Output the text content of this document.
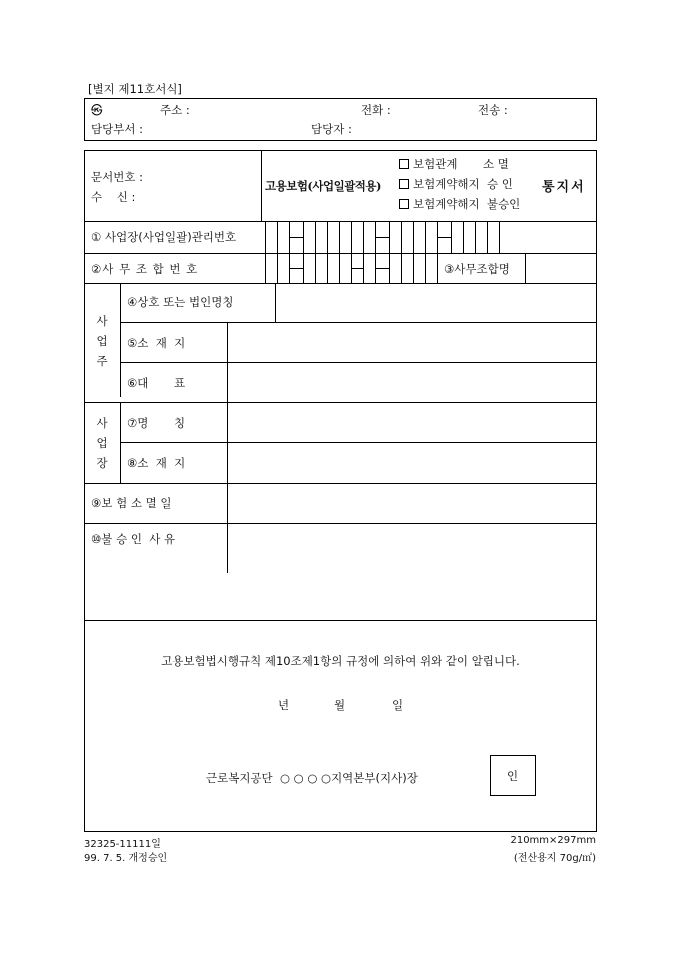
[별지 제11호서식]
㉿	주소 :	전화 :	전송 :
담당부서 :	담당자 :
문서번호 :
수    신 :
고용보험(사업일괄적용)
보험관계       소 멸
보험계약해지  승 인
보험계약해지  불승인
통지서
① 사업장(사업일괄)관리번호
②사 무 조 합 번 호	③사무조합명
사업주
④상호 또는 법인명칭
⑤소  재  지
⑥대       표
사업장
⑦명       칭
⑧소  재  지
⑨보 험 소 멸 일
⑩불 승 인  사 유
고용보험법시행규칙 제10조제1항의 규정에 의하여 위와 같이 알립니다.
년	월	일
근로복지공단  ○ ○ ○ ○지역본부(지사)장	인
32325-11111일
99. 7. 5. 개정승인
210mm×297mm
(전산용지 70g/㎡)
